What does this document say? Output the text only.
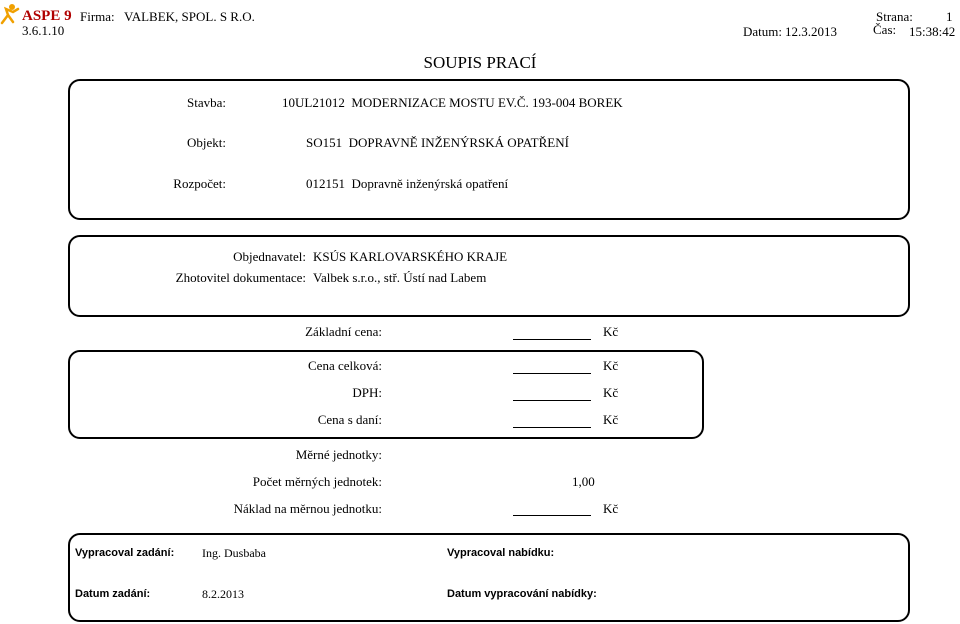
ASPE 9
3.6.1.10
Firma: VALBEK, SPOL. S R.O.
Datum: 12.3.2013
Strana:	1
Čas: 15:38:42
SOUPIS PRACÍ
Stavba:	10UL21012  MODERNIZACE MOSTU EV.Č. 193-004 BOREK
Objekt:	SO151  DOPRAVNĚ INŽENÝRSKÁ OPATŘENÍ
Rozpočet:	012151  Dopravně inženýrská opatření
Objednavatel: KSÚS KARLOVARSKÉHO KRAJE
Zhotovitel dokumentace: Valbek s.r.o., stř. Ústí nad Labem
Základní cena:	Kč
Cena celková:	Kč
DPH:	Kč
Cena s daní:	Kč
Měrné jednotky:
Počet měrných jednotek:	1,00
Náklad na měrnou jednotku:	Kč
Vypracoval zadání: Ing. Dusbaba	Vypracoval nabídku:
Datum zadání:	8.2.2013	Datum vypracování nabídky:
